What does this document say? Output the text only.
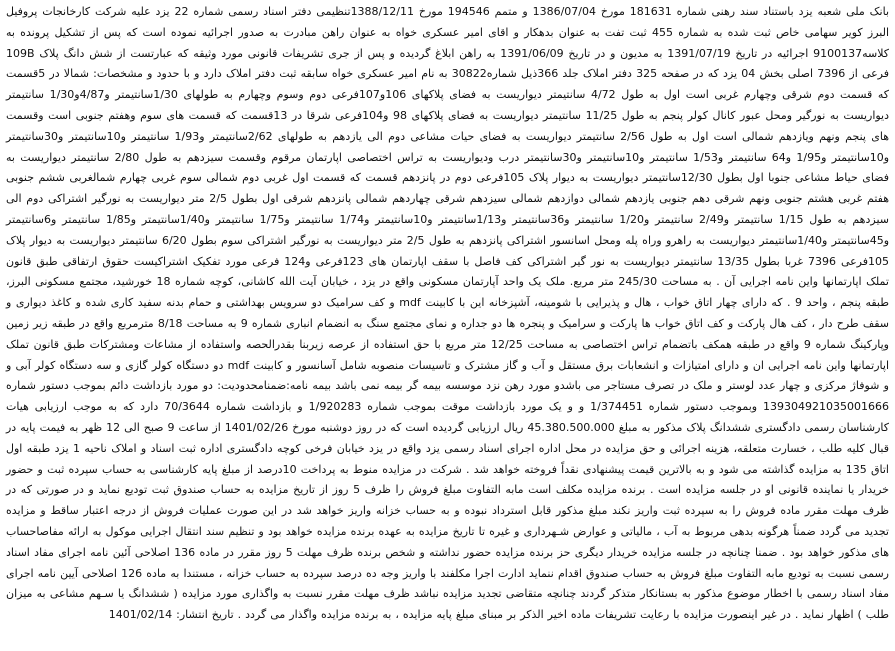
بانک ملی شعبه یزد باستناد سند رهنی شماره 181631 مورخ 1386/07/04 و متمم 194546 مورخ 1388/12/11تنظیمی دفتر اسناد رسمی شماره 22 یزد علیه شرکت کارخانجات پروفیل البرز کویر سهامی خاص ثبت شده به شماره 455 ثبت تفت به عنوان بدهکار و اقای امیر عسکری خواه به عنوان راهن مبادرت به صدور اجرائیه نموده است که پس از تشکیل پرونده به کلاسه9100137 اجرائیه در تاریخ 1391/07/19 به مدیون و در تاریخ 1391/06/09 به راهن ابلاغ گردیده و پس از جری تشریفات قانونی مورد وثیقه که عبارتست از شش دانگ پلاک 109B فرعی از 7396 اصلی بخش 04 یزد که در صفحه 325 دفتر املاک جلد 366ذیل شماره30822 به نام امیر عسکری خواه سابقه ثبت دفتر املاک دارد و با حدود و مشخصات: شمالا در 5قسمت که قسمت دوم شرقی وچهارم غربی است اول به طول 4/72 سانتیمتر دیواریست به فضای پلاکهای 106و107فرعی دوم وسوم وچهارم به طولهای 1/30سانتیمتر و4/87و1/30 سانتیمتر دیواریست به نورگیر ومحل عبور کانال کولر پنجم به طول 11/25 سانتیمتر دیواریست به فضای پلاکهای 98 و104فرعی شرقا در 13قسمت که قسمت های سوم وهفتم جنوبی است وقسمت های پنجم ونهم ویازدهم شمالی است اول به طول 2/56 سانتیمتر دیواریست به فضای حیات مشاعی دوم الی یازدهم به طولهای 2/62سانتیمتر و1/93 سانتیمتر و10سانتیمتر و30سانتیمتر و10سانتیمتر و1/95 و64 سانتیمتر و1/53 سانتیمتر و10سانتیمتر و30سانتیمتر درب ودیواریست به تراس اختصاصی اپارتمان مرقوم وقسمت سیزدهم به طول 2/80 سانتیمتر دیواریست به فضای حیاط مشاعی جنوبا اول بطول 12/30سانتیمتر دیواریست به دیوار پلاک 105فرعی دوم در پانزدهم قسمت که قسمت اول غربی دوم شمالی سوم غربی چهارم شمالغربی ششم جنوبی هفتم غربی هشتم جنوبی ونهم شرقی دهم جنوبی یازدهم شمالی دوازدهم شمالی سیزدهم شرقی چهاردهم شمالی پانزدهم شرقی اول بطول 2/5 متر دیواریست به نورگیر اشتراکی دوم الی سیزدهم به طول 1/15 سانتیمتر و2/49 سانتیمتر و1/20 سانتیمتر و36سانتیمتر و1/13سانتیمتر و10سانتیمتر و1/74 سانتیمتر و1/75 سانتیمتر و1/40سانتیمتر و1/85 سانتیمتر و6سانتیمتر و45سانتیمتر و1/40سانتیمتر دیواریست به راهرو وراه پله ومحل اسانسور اشتراکی پانزدهم به طول 2/5 متر دیواریست به نورگیر اشتراکی سوم بطول 6/20 سانتیمتر دیواریست به دیوار پلاک 105فرعی 7396 غربا بطول 13/35 سانتیمتر دیواریست به نور گیر اشتراکی کف فاصل با سقف اپارتمان های 123فرعی و124 فرعی مورد تفکیک اشتراکیست حقوق ارتفاقی طبق قانون تملک اپارتمانها واین نامه اجرایی آن . به مساحت 245/30 متر مربع. ملک یک واحد آپارتمان مسکونی واقع در یزد ، خیابان آیت الله کاشانی، کوچه شماره 18 خورشید، مجتمع مسکونی البرز، طبقه پنجم ، واحد 9 . که دارای چهار اتاق خواب ، هال و پذیرایی با شومینه، آشپزخانه این با کابینت mdf و کف سرامیک دو سرویس بهداشتی و حمام بدنه سفید کاری شده و کاغذ دیواری و سقف طرح دار ، کف هال پارکت و کف اتاق خواب ها پارکت و سرامیک و پنجره ها دو جداره و نمای مجتمع سنگ به انضمام انباری شماره 9 به مساحت 8/18 مترمربع واقع در طبقه زیر زمین وپارکینگ شماره 9 واقع در طبقه همکف باتضمام تراس اختصاصی به مساحت 12/25 متر مربع با حق استفاده از عرصه زیربنا بقدرالحصه واستفاده از مشاعات ومشترکات طبق قانون تملک اپارتمانها واین نامه اجرایی ان و دارای امتیازات و انشعابات برق مستقل و آب و گاز مشترک و تاسیسات منصوبه شامل آسانسور و کابینت mdf دو دستگاه کولر گازی و سه دستگاه کولر آبی و و شوفاژ مرکزی و چهار عدد لوستر و ملک در تصرف مستاجر می باشدو مورد رهن نزد موسسه بیمه گر بیمه نمی باشد بیمه نامه:ضمنامحدودیت: دو مورد بازداشت دائم بموجب دستور شماره 13930492103500​1666 وبموجب دستور شماره 1/374451 و و یک مورد بازداشت موقت بموجب شماره 1/920283 و بازداشت شماره 70/3644 دارد که به موجب ارزیابی هیات کارشناسان رسمی دادگستری ششدانگ پلاک مذکور به مبلغ 45.380.500.000 ریال ارزیابی گردیده است که در روز دوشنبه مورخ 1401/02/26 از ساعت 9 صبح الی 12 ظهر به فیمت پایه در قبال کلیه طلب ، خسارت متعلقه، هزینه اجرائی و حق مزایده در محل اداره اجرای اسناد رسمی یزد واقع در یزد خیابان فرخی کوچه دادگستری اداره ثبت اسناد و املاک ناحیه 1 یزد طبقه اول اتاق 135 به مزایده گذاشته می شود و به بالاترین قیمت پیشنهادی نقداً فروخته خواهد شد . شرکت در مزایده منوط به پرداخت 10درصد از مبلغ پایه کارشناسی به حساب سپرده ثبت و حضور خریدار یا نماینده قانونی او در جلسه مزایده است . برنده مزایده مکلف است مابه التفاوت مبلغ فروش را ظرف 5 روز از تاریخ مزایده به حساب صندوق ثبت توديع نماید و در صورتی که در ظرف مهلت مقرر ماده فروش را به سپرده ثبت واریز نکند مبلغ مذکور قابل استرداد نبوده و به حساب خزانه واریز خواهد شد در این صورت عملیات فروش از درجه اعتبار ساقط و مزایده تجدید می گردد ضمناً هرگونه بدهی مربوط به آب ، مالیاتی و عوارض شـهرداری و غیره تا تاریخ مزایده به عهده برنده مزایده خواهد بود و تنظیم سند انتقال اجرایی موکول به ارائه مفاصاحساب های مذکور خواهد بود . ضمنا چنانچه در جلسه مزایده خریدار دیگری حز برنده مزایده حضور نداشته و شخص برنده ظرف مهلت 5 روز مقرر در ماده 136 اصلاحی آئین نامه اجرای مفاد اسناد رسمی نسبت به توديع مابه التفاوت مبلغ فروش به حساب صندوق اقدام ننماید ادارت اجرا مکلفند با واریز وجه ده درصد سپرده به حساب خزانه ، مستندا به ماده 126 اصلاحی آیین نامه اجرای مفاد اسناد رسمی با اخطار موضوع مذکور به بستانکار متذکر گردند چنانچه متقاضی تجدید مزایده نباشد ظرف مهلت مقرر نسبت به واگذاری مورد مزایده ( ششدانگ یا سـهم مشاعی به میزان طلب ) اظهار نماید . در غیر اینصورت مزایده با رعایت تشریفات ماده اخیر الذکر بر مبنای مبلغ پایه مزایده ، به برنده مزایده واگذار می گردد . تاریخ انتشار: 1401/02/14
